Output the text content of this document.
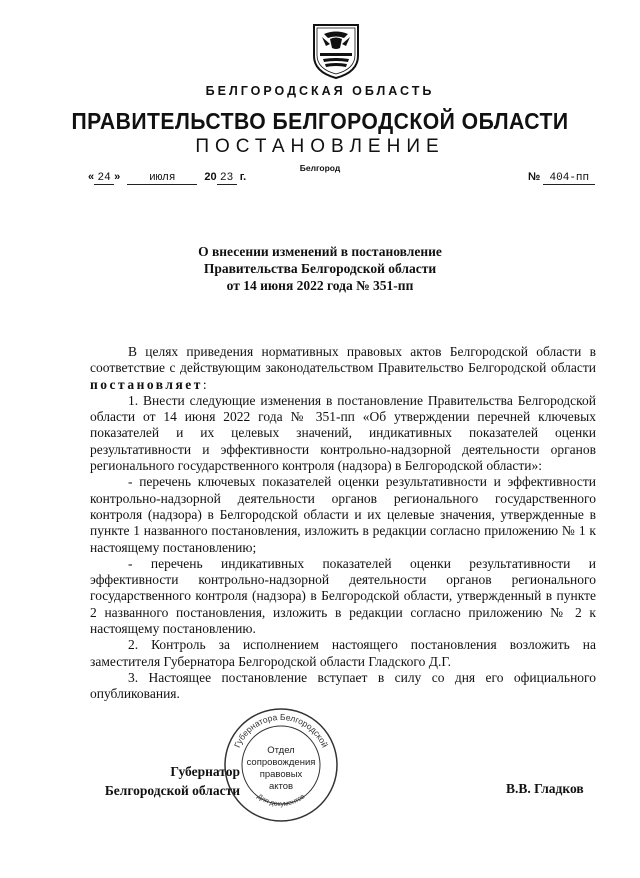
БЕЛГОРОДСКАЯ ОБЛАСТЬ
ПРАВИТЕЛЬСТВО БЕЛГОРОДСКОЙ ОБЛАСТИ
ПОСТАНОВЛЕНИЕ
Белгород
« 24 »	июля	20 23 г.	№ 404-пп
О внесении изменений в постановление
Правительства Белгородской области
от 14 июня 2022 года № 351-пп

В целях приведения нормативных правовых актов Белгородской области в соответствие с действующим законодательством Правительство Белгородской области постановляет:

1. Внести следующие изменения в постановление Правительства Белгородской области от 14 июня 2022 года № 351-пп «Об утверждении перечней ключевых показателей и их целевых значений, индикативных показателей оценки результативности и эффективности контрольно-надзорной деятельности органов регионального государственного контроля (надзора) в Белгородской области»:

- перечень ключевых показателей оценки результативности и эффективности контрольно-надзорной деятельности органов регионального государственного контроля (надзора) в Белгородской области и их целевые значения, утвержденные в пункте 1 названного постановления, изложить в редакции согласно приложению № 1 к настоящему постановлению;

- перечень индикативных показателей оценки результативности и эффективности контрольно-надзорной деятельности органов регионального государственного контроля (надзора) в Белгородской области, утвержденный в пункте 2 названного постановления, изложить в редакции согласно приложению № 2 к настоящему постановлению.

2. Контроль за исполнением настоящего постановления возложить на заместителя Губернатора Белгородской области Гладского Д.Г.

3. Настоящее постановление вступает в силу со дня его официального опубликования.

Губернатор
Белгородской области
Губернатора Белгородской
Для документов
Отдел
сопровождения
правовых
актов	В.В. Гладков
